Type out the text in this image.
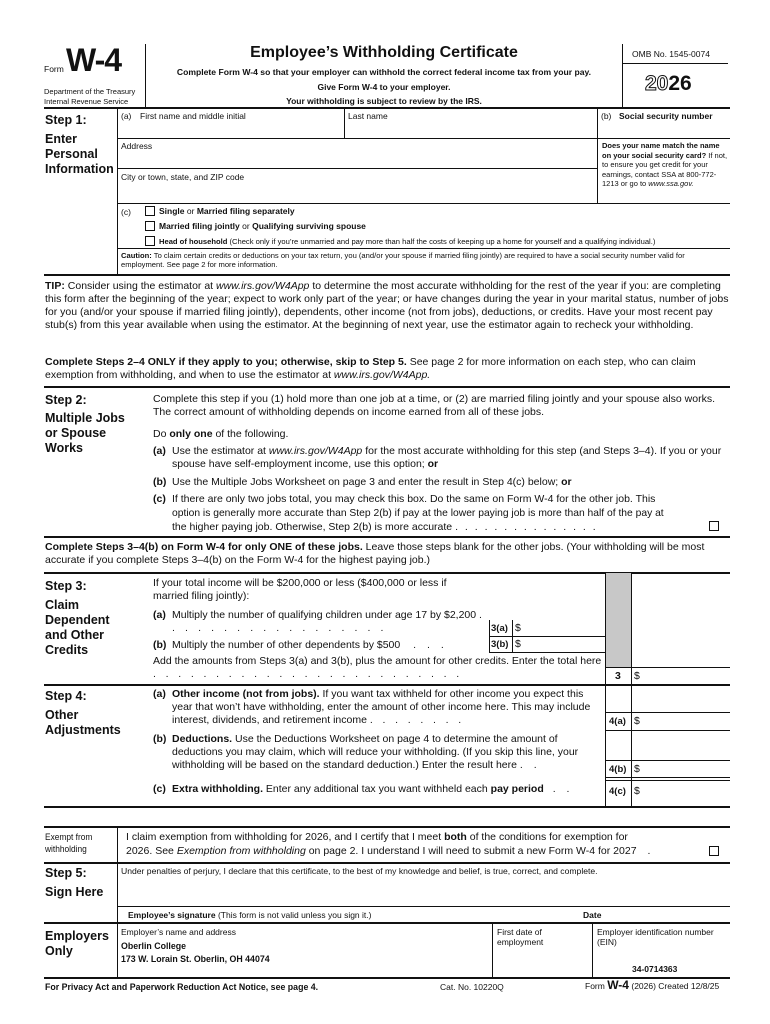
Form W-4
Department of the Treasury
Internal Revenue Service
Employee’s Withholding Certificate
Complete Form W-4 so that your employer can withhold the correct federal income tax from your pay.
Give Form W-4 to your employer.
Your withholding is subject to review by the IRS.
OMB No. 1545-0074
2026
Step 1:
Enter Personal Information
(a) First name and middle initial	Last name	(b) Social security number
Address
City or town, state, and ZIP code
Does your name match the name on your social security card? If not, to ensure you get credit for your earnings, contact SSA at 800-772-1213 or go to www.ssa.gov.
(c)	Single or Married filing separately
Married filing jointly or Qualifying surviving spouse
Head of household (Check only if you’re unmarried and pay more than half the costs of keeping up a home for yourself and a qualifying individual.)
Caution: To claim certain credits or deductions on your tax return, you (and/or your spouse if married filing jointly) are required to have a social security number valid for employment. See page 2 for more information.
TIP: Consider using the estimator at www.irs.gov/W4App to determine the most accurate withholding for the rest of the year if you: are completing this form after the beginning of the year; expect to work only part of the year; or have changes during the year in your marital status, number of jobs for you (and/or your spouse if married filing jointly), dependents, other income (not from jobs), deductions, or credits. Have your most recent pay stub(s) from this year available when using the estimator. At the beginning of next year, use the estimator again to recheck your withholding.
Complete Steps 2–4 ONLY if they apply to you; otherwise, skip to Step 5. See page 2 for more information on each step, who can claim exemption from withholding, and when to use the estimator at www.irs.gov/W4App.
Step 2:
Multiple Jobs or Spouse Works
Complete this step if you (1) hold more than one job at a time, or (2) are married filing jointly and your spouse also works. The correct amount of withholding depends on income earned from all of these jobs.
Do only one of the following.
(a) Use the estimator at www.irs.gov/W4App for the most accurate withholding for this step (and Steps 3–4). If you or your spouse have self-employment income, use this option; or
(b) Use the Multiple Jobs Worksheet on page 3 and enter the result in Step 4(c) below; or
(c) If there are only two jobs total, you may check this box. Do the same on Form W-4 for the other job. This
option is generally more accurate than Step 2(b) if pay at the lower paying job is more than half of the pay at
the higher paying job. Otherwise, Step 2(b) is more accurate . . . . . . . . . . . . . . .
Complete Steps 3–4(b) on Form W-4 for only ONE of these jobs. Leave those steps blank for the other jobs. (Your withholding will be most accurate if you complete Steps 3–4(b) on the Form W-4 for the highest paying job.)
Step 3:
Claim Dependent and Other Credits
If your total income will be $200,000 or less ($400,000 or less if married filing jointly):
(a) Multiply the number of qualifying children under age 17 by $2,200 . . . . . . . . . . . . . . . . . .	3(a) $
(b) Multiply the number of other dependents by $500 . . .	3(b) $
Add the amounts from Steps 3(a) and 3(b), plus the amount for other credits. Enter the total here . . . . . . . . . . . . . . . . . . . . . . . . .	3 $
Step 4:
Other Adjustments
(a) Other income (not from jobs). If you want tax withheld for other income you expect this year that won’t have withholding, enter the amount of other income here. This may include interest, dividends, and retirement income . . . . . . . .	4(a) $
(b) Deductions. Use the Deductions Worksheet on page 4 to determine the amount of deductions you may claim, which will reduce your withholding. (If you skip this line, your withholding will be based on the standard deduction.) Enter the result here . .	4(b) $
(c) Extra withholding. Enter any additional tax you want withheld each pay period . .	4(c) $
Exempt from
withholding
I claim exemption from withholding for 2026, and I certify that I meet both of the conditions for exemption for
2026. See Exemption from withholding on page 2. I understand I will need to submit a new Form W-4 for 2027 .
Step 5:
Sign Here
Under penalties of perjury, I declare that this certificate, to the best of my knowledge and belief, is true, correct, and complete.
Employee’s signature (This form is not valid unless you sign it.)	Date
Employers Only
Employer’s name and address
Oberlin College
173 W. Lorain St. Oberlin, OH 44074
First date of employment
Employer identification number (EIN)
34-0714363
For Privacy Act and Paperwork Reduction Act Notice, see page 4.	Cat. No. 10220Q	Form W-4 (2026) Created 12/8/25
